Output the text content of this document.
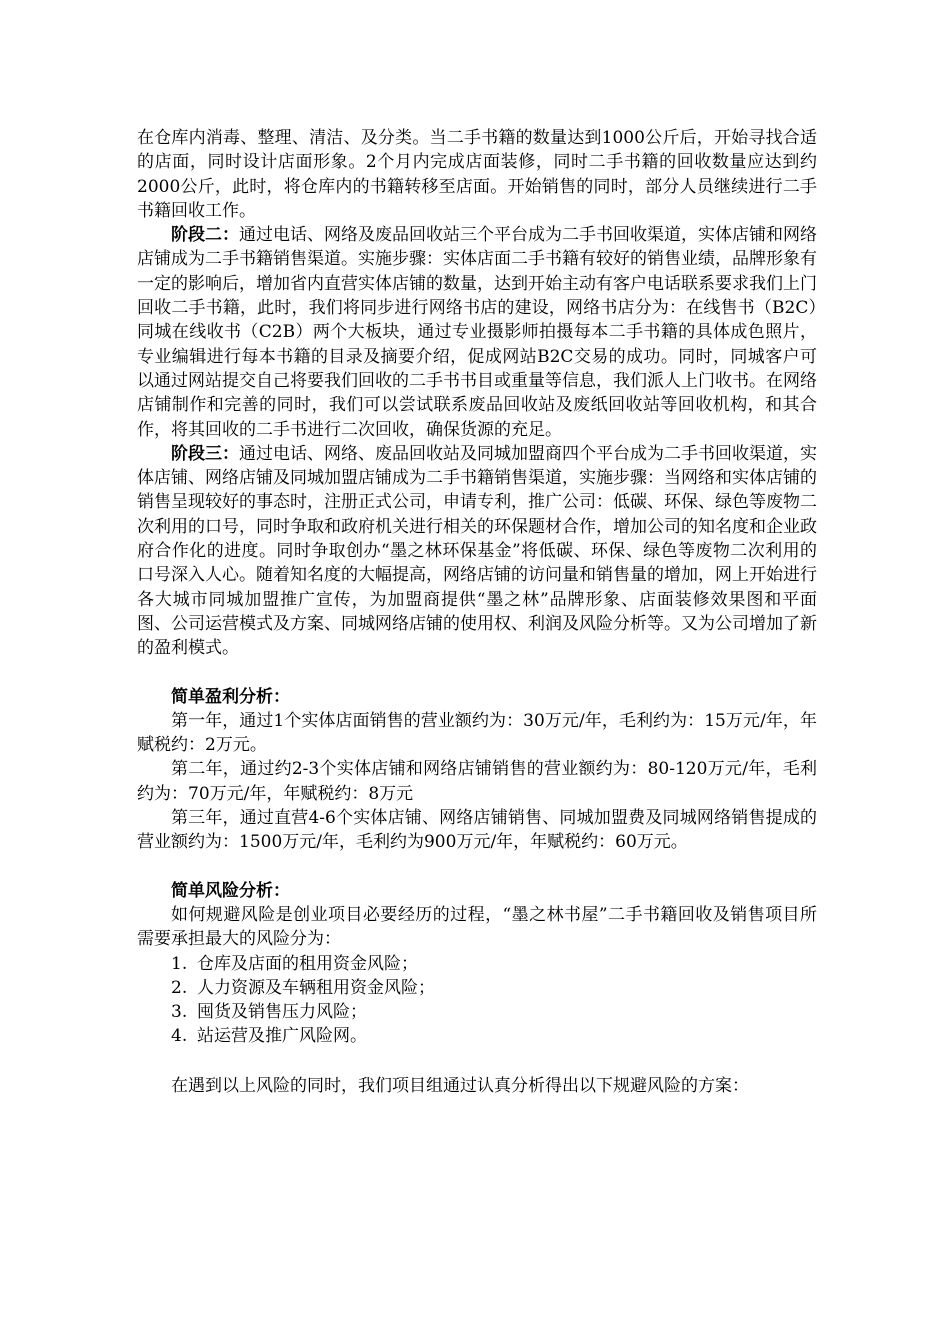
在仓库内消毒、整理、清洁、及分类。当二手书籍的数量达到1000公斤后，开始寻找合适的店面，同时设计店面形象。2个月内完成店面装修，同时二手书籍的回收数量应达到约2000公斤，此时，将仓库内的书籍转移至店面。开始销售的同时，部分人员继续进行二手书籍回收工作。

阶段二：通过电话、网络及废品回收站三个平台成为二手书回收渠道，实体店铺和网络店铺成为二手书籍销售渠道。实施步骤：实体店面二手书籍有较好的销售业绩，品牌形象有一定的影响后，增加省内直营实体店铺的数量，达到开始主动有客户电话联系要求我们上门回收二手书籍，此时，我们将同步进行网络书店的建设，网络书店分为：在线售书（B2C）同城在线收书（C2B）两个大板块，通过专业摄影师拍摄每本二手书籍的具体成色照片，专业编辑进行每本书籍的目录及摘要介绍，促成网站B2C交易的成功。同时，同城客户可以通过网站提交自己将要我们回收的二手书书目或重量等信息，我们派人上门收书。在网络店铺制作和完善的同时，我们可以尝试联系废品回收站及废纸回收站等回收机构，和其合作，将其回收的二手书进行二次回收，确保货源的充足。

阶段三：通过电话、网络、废品回收站及同城加盟商四个平台成为二手书回收渠道，实体店铺、网络店铺及同城加盟店铺成为二手书籍销售渠道，实施步骤：当网络和实体店铺的销售呈现较好的事态时，注册正式公司，申请专利，推广公司：低碳、环保、绿色等废物二次利用的口号，同时争取和政府机关进行相关的环保题材合作，增加公司的知名度和企业政府合作化的进度。同时争取创办“墨之林环保基金”将低碳、环保、绿色等废物二次利用的口号深入人心。随着知名度的大幅提高，网络店铺的访问量和销售量的增加，网上开始进行各大城市同城加盟推广宣传，为加盟商提供“墨之林”品牌形象、店面装修效果图和平面图、公司运营模式及方案、同城网络店铺的使用权、利润及风险分析等。又为公司增加了新的盈利模式。

简单盈利分析：

第一年，通过1个实体店面销售的营业额约为：30万元/年，毛利约为：15万元/年，年赋税约：2万元。

第二年，通过约2-3个实体店铺和网络店铺销售的营业额约为：80-120万元/年，毛利约为：70万元/年，年赋税约：8万元

第三年，通过直营4-6个实体店铺、网络店铺销售、同城加盟费及同城网络销售提成的营业额约为：1500万元/年，毛利约为900万元/年，年赋税约：60万元。

简单风险分析：

如何规避风险是创业项目必要经历的过程，“墨之林书屋”二手书籍回收及销售项目所需要承担最大的风险分为：

1. 仓库及店面的租用资金风险；
2. 人力资源及车辆租用资金风险；
3. 囤货及销售压力风险；
4. 站运营及推广风险网。

在遇到以上风险的同时，我们项目组通过认真分析得出以下规避风险的方案：
